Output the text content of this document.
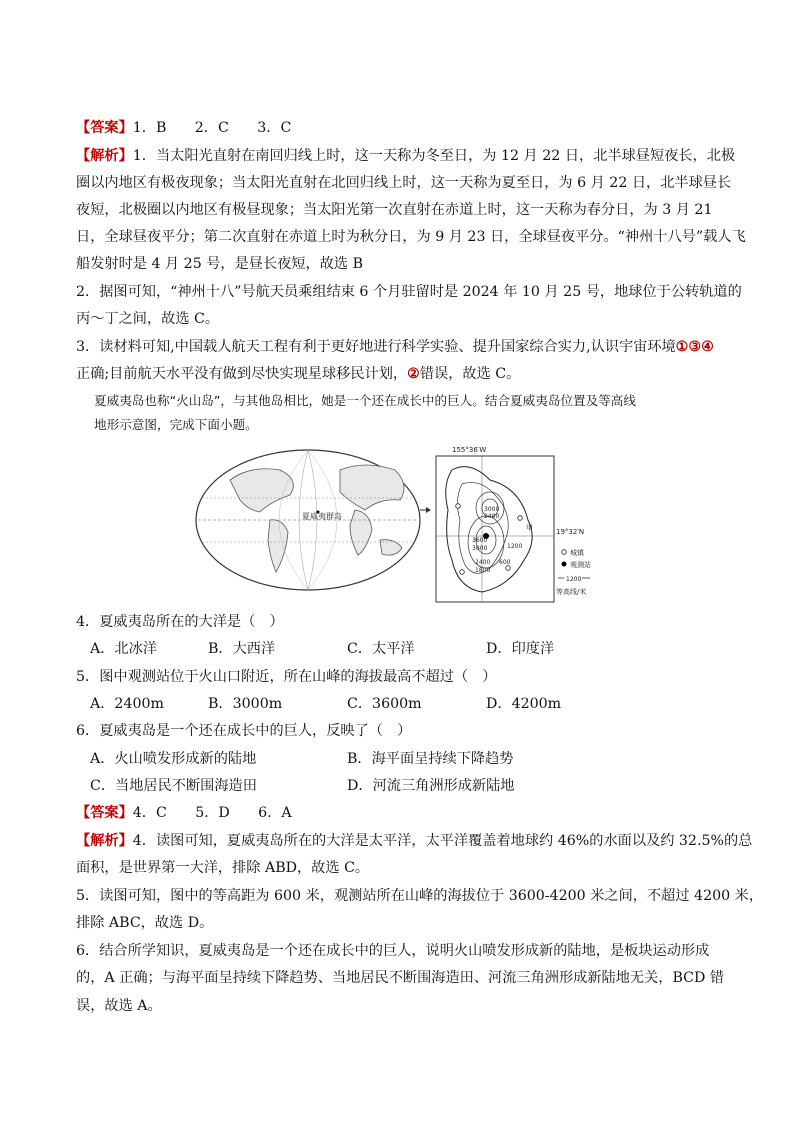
【答案】1．B　　2．C　　3．C
【解析】1．当太阳光直射在南回归线上时，这一天称为冬至日，为 12 月 22 日，北半球昼短夜长，北极
圈以内地区有极夜现象；当太阳光直射在北回归线上时，这一天称为夏至日，为 6 月 22 日，北半球昼长
夜短，北极圈以内地区有极昼现象；当太阳光第一次直射在赤道上时，这一天称为春分日，为 3 月 21
日，全球昼夜平分；第二次直射在赤道上时为秋分日，为 9 月 23 日，全球昼夜平分。“神州十八号”载人飞
船发射时是 4 月 25 号，是昼长夜短，故选 B
2．据图可知，“神州十八”号航天员乘组结束 6 个月驻留时是 2024 年 10 月 25 号，地球位于公转轨道的
丙～丁之间，故选 C。
3．读材料可知,中国载人航天工程有利于更好地进行科学实验、提升国家综合实力,认识宇宙环境①③④
正确;目前航天水平没有做到尽快实现星球移民计划，②错误，故选 C。
夏威夷岛也称“火山岛”，与其他岛相比，她是一个还在成长中的巨人。结合夏威夷岛位置及等高线
地形示意图，完成下面小题。
夏威夷群岛
155°36′W
19°32′N
3000
2400
1200
3600
3000
2400
1800
600
甲
城镇
观测站
1200
等高线/米
4．夏威夷岛所在的大洋是（　）
A．北冰洋	B．大西洋	C．太平洋	D．印度洋
5．图中观测站位于火山口附近，所在山峰的海拔最高不超过（　）
A．2400m	B．3000m	C．3600m	D．4200m
6．夏威夷岛是一个还在成长中的巨人，反映了（　）
A．火山喷发形成新的陆地	B．海平面呈持续下降趋势
C．当地居民不断围海造田	D．河流三角洲形成新陆地
【答案】4．C　　5．D　　6．A
【解析】4．读图可知，夏威夷岛所在的大洋是太平洋，太平洋覆盖着地球约 46%的水面以及约 32.5%的总
面积，是世界第一大洋，排除 ABD，故选 C。
5．读图可知，图中的等高距为 600 米，观测站所在山峰的海拔位于 3600-4200 米之间，不超过 4200 米，
排除 ABC，故选 D。
6．结合所学知识，夏威夷岛是一个还在成长中的巨人，说明火山喷发形成新的陆地，是板块运动形成
的，A 正确；与海平面呈持续下降趋势、当地居民不断围海造田、河流三角洲形成新陆地无关，BCD 错
误，故选 A。
